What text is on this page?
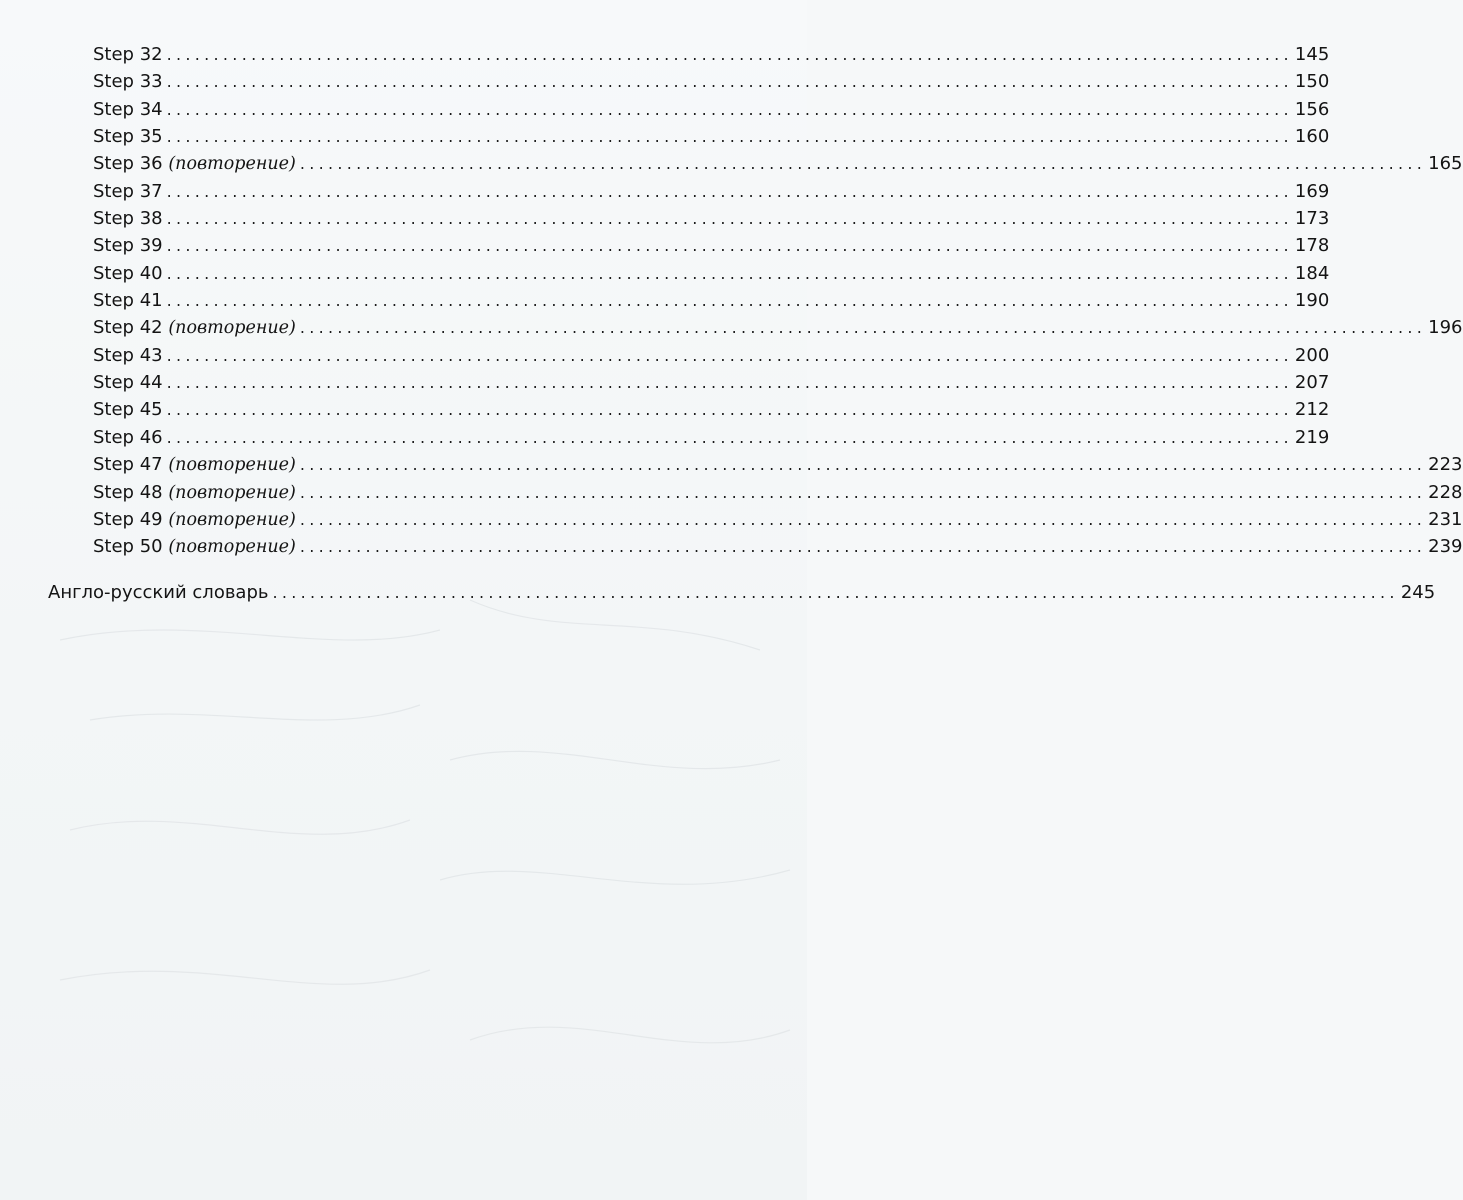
Step 32 ........................................................................................................................ 145
Step 33 ........................................................................................................................ 150
Step 34 ........................................................................................................................ 156
Step 35 ........................................................................................................................ 160
Step 36 (повторение) ........................................................................................................................ 165
Step 37 ........................................................................................................................ 169
Step 38 ........................................................................................................................ 173
Step 39 ........................................................................................................................ 178
Step 40 ........................................................................................................................ 184
Step 41 ........................................................................................................................ 190
Step 42 (повторение) ........................................................................................................................ 196
Step 43 ........................................................................................................................ 200
Step 44 ........................................................................................................................ 207
Step 45 ........................................................................................................................ 212
Step 46 ........................................................................................................................ 219
Step 47 (повторение) ........................................................................................................................ 223
Step 48 (повторение) ........................................................................................................................ 228
Step 49 (повторение) ........................................................................................................................ 231
Step 50 (повторение) ........................................................................................................................ 239
Англо-русский словарь ........................................................................................................................ 245
